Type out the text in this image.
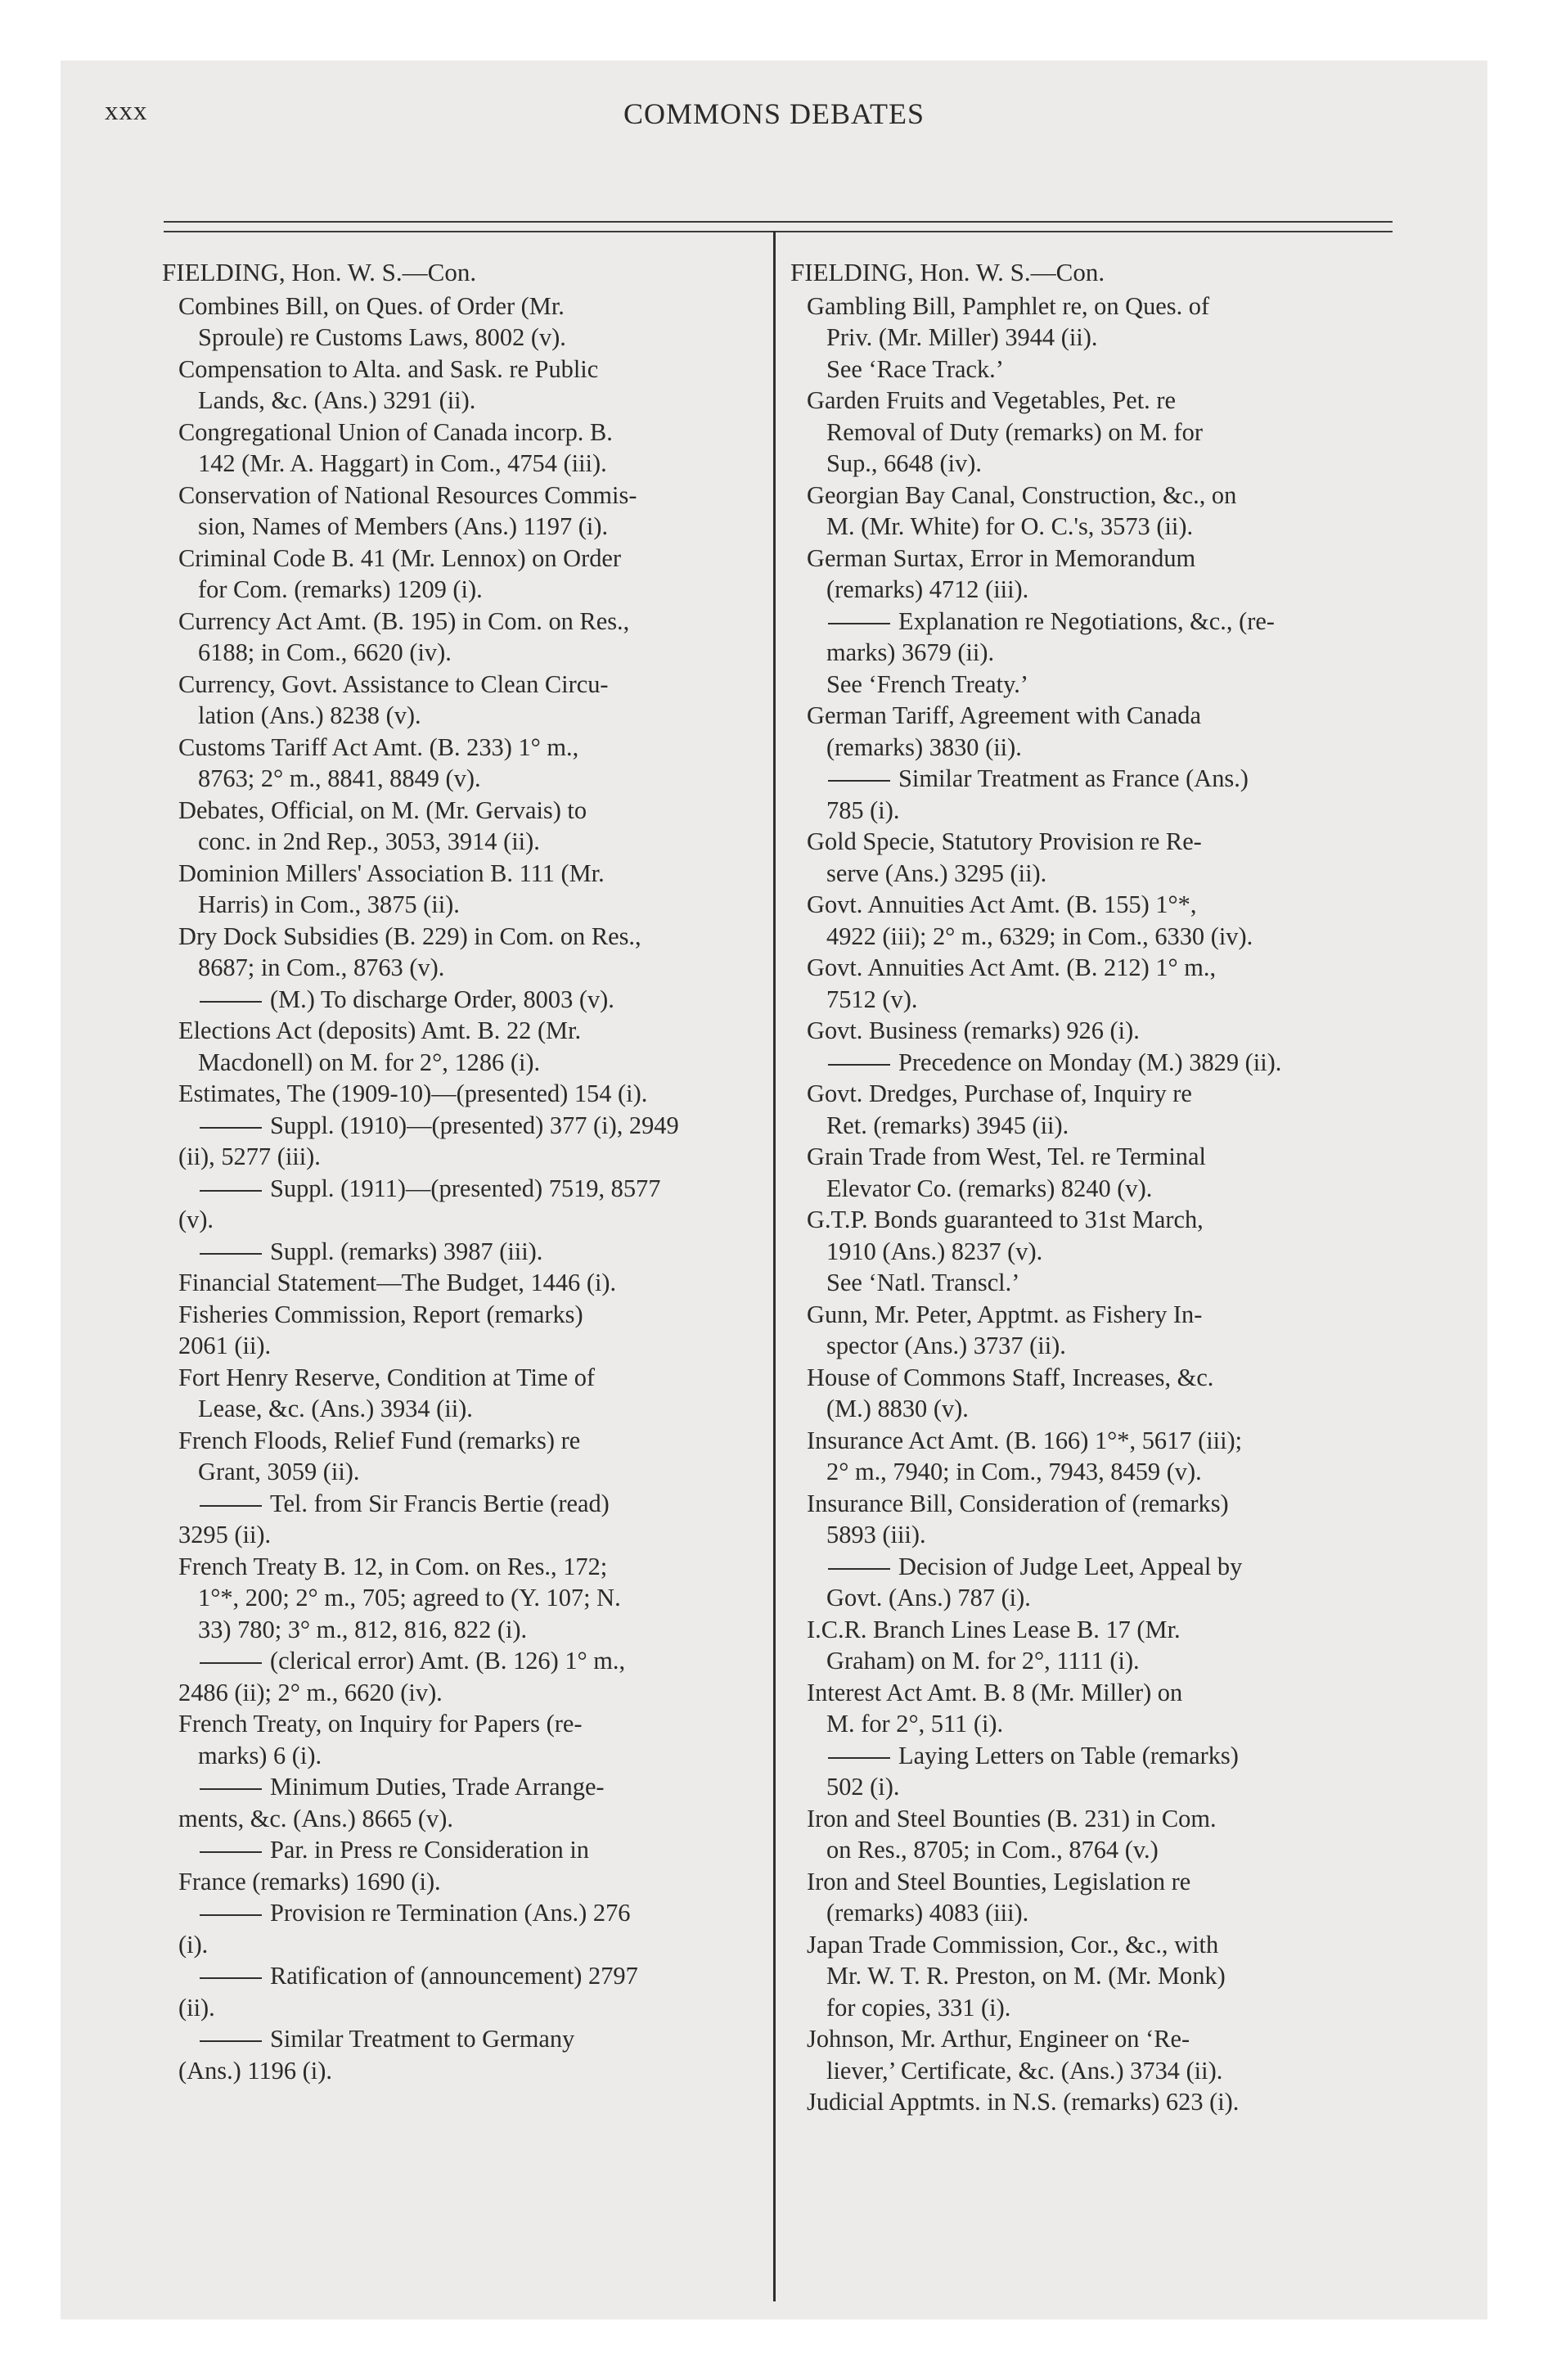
xxx	COMMONS DEBATES
FIELDING, Hon. W. S.—Con.
Combines Bill, on Ques. of Order (Mr.
Sproule) re Customs Laws, 8002 (v).
Compensation to Alta. and Sask. re Public
Lands, &c. (Ans.) 3291 (ii).
Congregational Union of Canada incorp. B.
142 (Mr. A. Haggart) in Com., 4754 (iii).
Conservation of National Resources Commis-
sion, Names of Members (Ans.) 1197 (i).
Criminal Code B. 41 (Mr. Lennox) on Order
for Com. (remarks) 1209 (i).
Currency Act Amt. (B. 195) in Com. on Res.,
6188; in Com., 6620 (iv).
Currency, Govt. Assistance to Clean Circu-
lation (Ans.) 8238 (v).
Customs Tariff Act Amt. (B. 233) 1° m.,
8763; 2° m., 8841, 8849 (v).
Debates, Official, on M. (Mr. Gervais) to
conc. in 2nd Rep., 3053, 3914 (ii).
Dominion Millers' Association B. 111 (Mr.
Harris) in Com., 3875 (ii).
Dry Dock Subsidies (B. 229) in Com. on Res.,
8687; in Com., 8763 (v).
(M.) To discharge Order, 8003 (v).
Elections Act (deposits) Amt. B. 22 (Mr.
Macdonell) on M. for 2°, 1286 (i).
Estimates, The (1909-10)—(presented) 154 (i).
Suppl. (1910)—(presented) 377 (i), 2949
(ii), 5277 (iii).
Suppl. (1911)—(presented) 7519, 8577
(v).
Suppl. (remarks) 3987 (iii).
Financial Statement—The Budget, 1446 (i).
Fisheries Commission, Report (remarks)
2061 (ii).
Fort Henry Reserve, Condition at Time of
Lease, &c. (Ans.) 3934 (ii).
French Floods, Relief Fund (remarks) re
Grant, 3059 (ii).
Tel. from Sir Francis Bertie (read)
3295 (ii).
French Treaty B. 12, in Com. on Res., 172;
1°*, 200; 2° m., 705; agreed to (Y. 107; N.
33) 780; 3° m., 812, 816, 822 (i).
(clerical error) Amt. (B. 126) 1° m.,
2486 (ii); 2° m., 6620 (iv).
French Treaty, on Inquiry for Papers (re-
marks) 6 (i).
Minimum Duties, Trade Arrange-
ments, &c. (Ans.) 8665 (v).
Par. in Press re Consideration in
France (remarks) 1690 (i).
Provision re Termination (Ans.) 276
(i).
Ratification of (announcement) 2797
(ii).
Similar Treatment to Germany
(Ans.) 1196 (i).
FIELDING, Hon. W. S.—Con.
Gambling Bill, Pamphlet re, on Ques. of
Priv. (Mr. Miller) 3944 (ii).
See ‘Race Track.’
Garden Fruits and Vegetables, Pet. re
Removal of Duty (remarks) on M. for
Sup., 6648 (iv).
Georgian Bay Canal, Construction, &c., on
M. (Mr. White) for O. C.'s, 3573 (ii).
German Surtax, Error in Memorandum
(remarks) 4712 (iii).
Explanation re Negotiations, &c., (re-
marks) 3679 (ii).
See ‘French Treaty.’
German Tariff, Agreement with Canada
(remarks) 3830 (ii).
Similar Treatment as France (Ans.)
785 (i).
Gold Specie, Statutory Provision re Re-
serve (Ans.) 3295 (ii).
Govt. Annuities Act Amt. (B. 155) 1°*,
4922 (iii); 2° m., 6329; in Com., 6330 (iv).
Govt. Annuities Act Amt. (B. 212) 1° m.,
7512 (v).
Govt. Business (remarks) 926 (i).
Precedence on Monday (M.) 3829 (ii).
Govt. Dredges, Purchase of, Inquiry re
Ret. (remarks) 3945 (ii).
Grain Trade from West, Tel. re Terminal
Elevator Co. (remarks) 8240 (v).
G.T.P. Bonds guaranteed to 31st March,
1910 (Ans.) 8237 (v).
See ‘Natl. Transcl.’
Gunn, Mr. Peter, Apptmt. as Fishery In-
spector (Ans.) 3737 (ii).
House of Commons Staff, Increases, &c.
(M.) 8830 (v).
Insurance Act Amt. (B. 166) 1°*, 5617 (iii);
2° m., 7940; in Com., 7943, 8459 (v).
Insurance Bill, Consideration of (remarks)
5893 (iii).
Decision of Judge Leet, Appeal by
Govt. (Ans.) 787 (i).
I.C.R. Branch Lines Lease B. 17 (Mr.
Graham) on M. for 2°, 1111 (i).
Interest Act Amt. B. 8 (Mr. Miller) on
M. for 2°, 511 (i).
Laying Letters on Table (remarks)
502 (i).
Iron and Steel Bounties (B. 231) in Com.
on Res., 8705; in Com., 8764 (v.)
Iron and Steel Bounties, Legislation re
(remarks) 4083 (iii).
Japan Trade Commission, Cor., &c., with
Mr. W. T. R. Preston, on M. (Mr. Monk)
for copies, 331 (i).
Johnson, Mr. Arthur, Engineer on ‘Re-
liever,’ Certificate, &c. (Ans.) 3734 (ii).
Judicial Apptmts. in N.S. (remarks) 623 (i).
